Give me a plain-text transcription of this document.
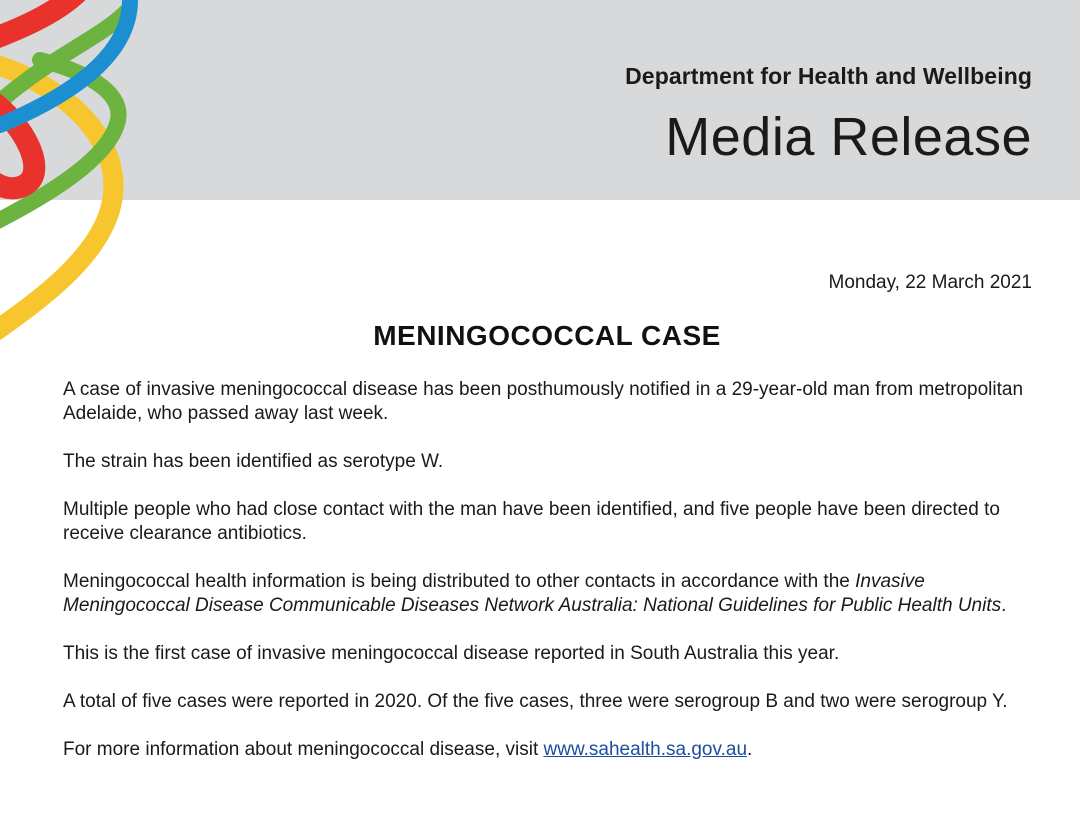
Department for Health and Wellbeing
Media Release
Monday, 22 March 2021
MENINGOCOCCAL CASE

A case of invasive meningococcal disease has been posthumously notified in a 29-year-old man from metropolitan Adelaide, who passed away last week.

The strain has been identified as serotype W.

Multiple people who had close contact with the man have been identified, and five people have been directed to receive clearance antibiotics.

Meningococcal health information is being distributed to other contacts in accordance with the Invasive Meningococcal Disease Communicable Diseases Network Australia: National Guidelines for Public Health Units.

This is the first case of invasive meningococcal disease reported in South Australia this year.

A total of five cases were reported in 2020. Of the five cases, three were serogroup B and two were serogroup Y.

For more information about meningococcal disease, visit www.sahealth.sa.gov.au.
